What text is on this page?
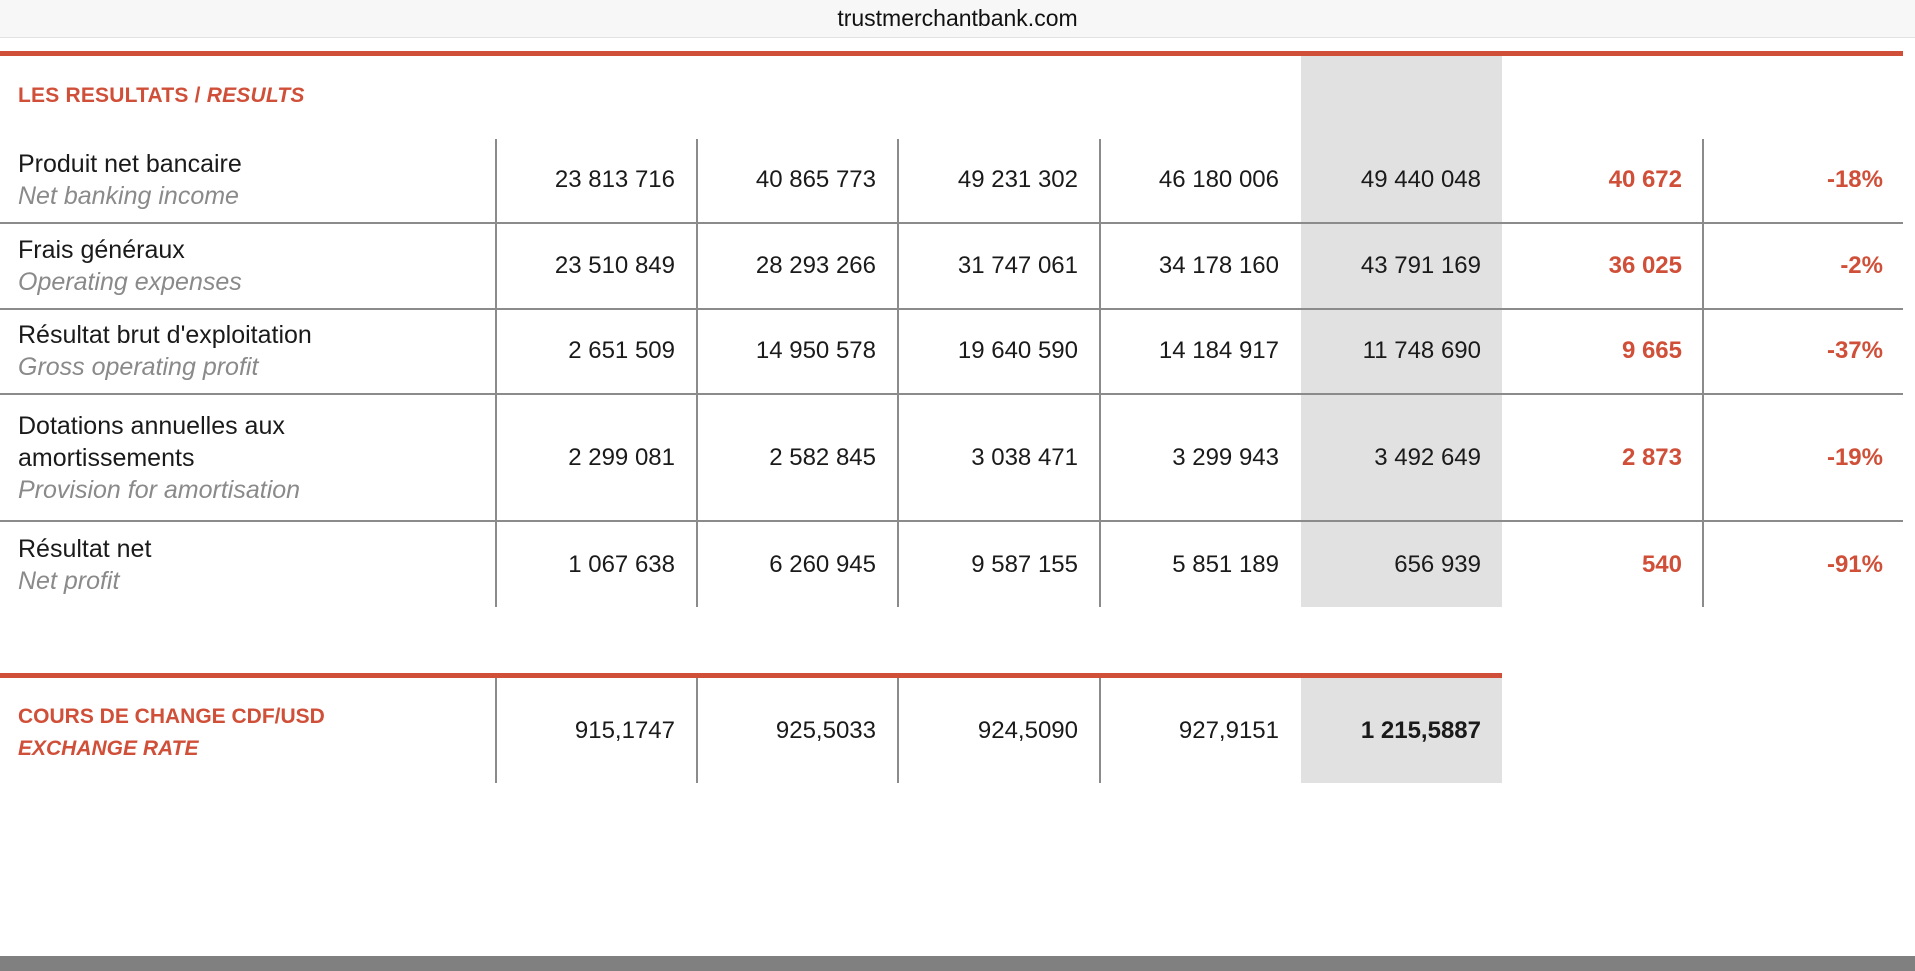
trustmerchantbank.com
LES RESULTATS / RESULTS
Produit net bancaire
Net banking income
23 813 716	40 865 773	49 231 302	46 180 006	49 440 048	40 672	-18%
Frais généraux
Operating expenses
23 510 849	28 293 266	31 747 061	34 178 160	43 791 169	36 025	-2%
Résultat brut d'exploitation
Gross operating profit
2 651 509	14 950 578	19 640 590	14 184 917	11 748 690	9 665	-37%
Dotations annuelles aux
amortissements
Provision for amortisation
2 299 081	2 582 845	3 038 471	3 299 943	3 492 649	2 873	-19%
Résultat net
Net profit
1 067 638	6 260 945	9 587 155	5 851 189	656 939	540	-91%
COURS DE CHANGE CDF/USD
EXCHANGE RATE
915,1747	925,5033	924,5090	927,9151	1 215,5887
